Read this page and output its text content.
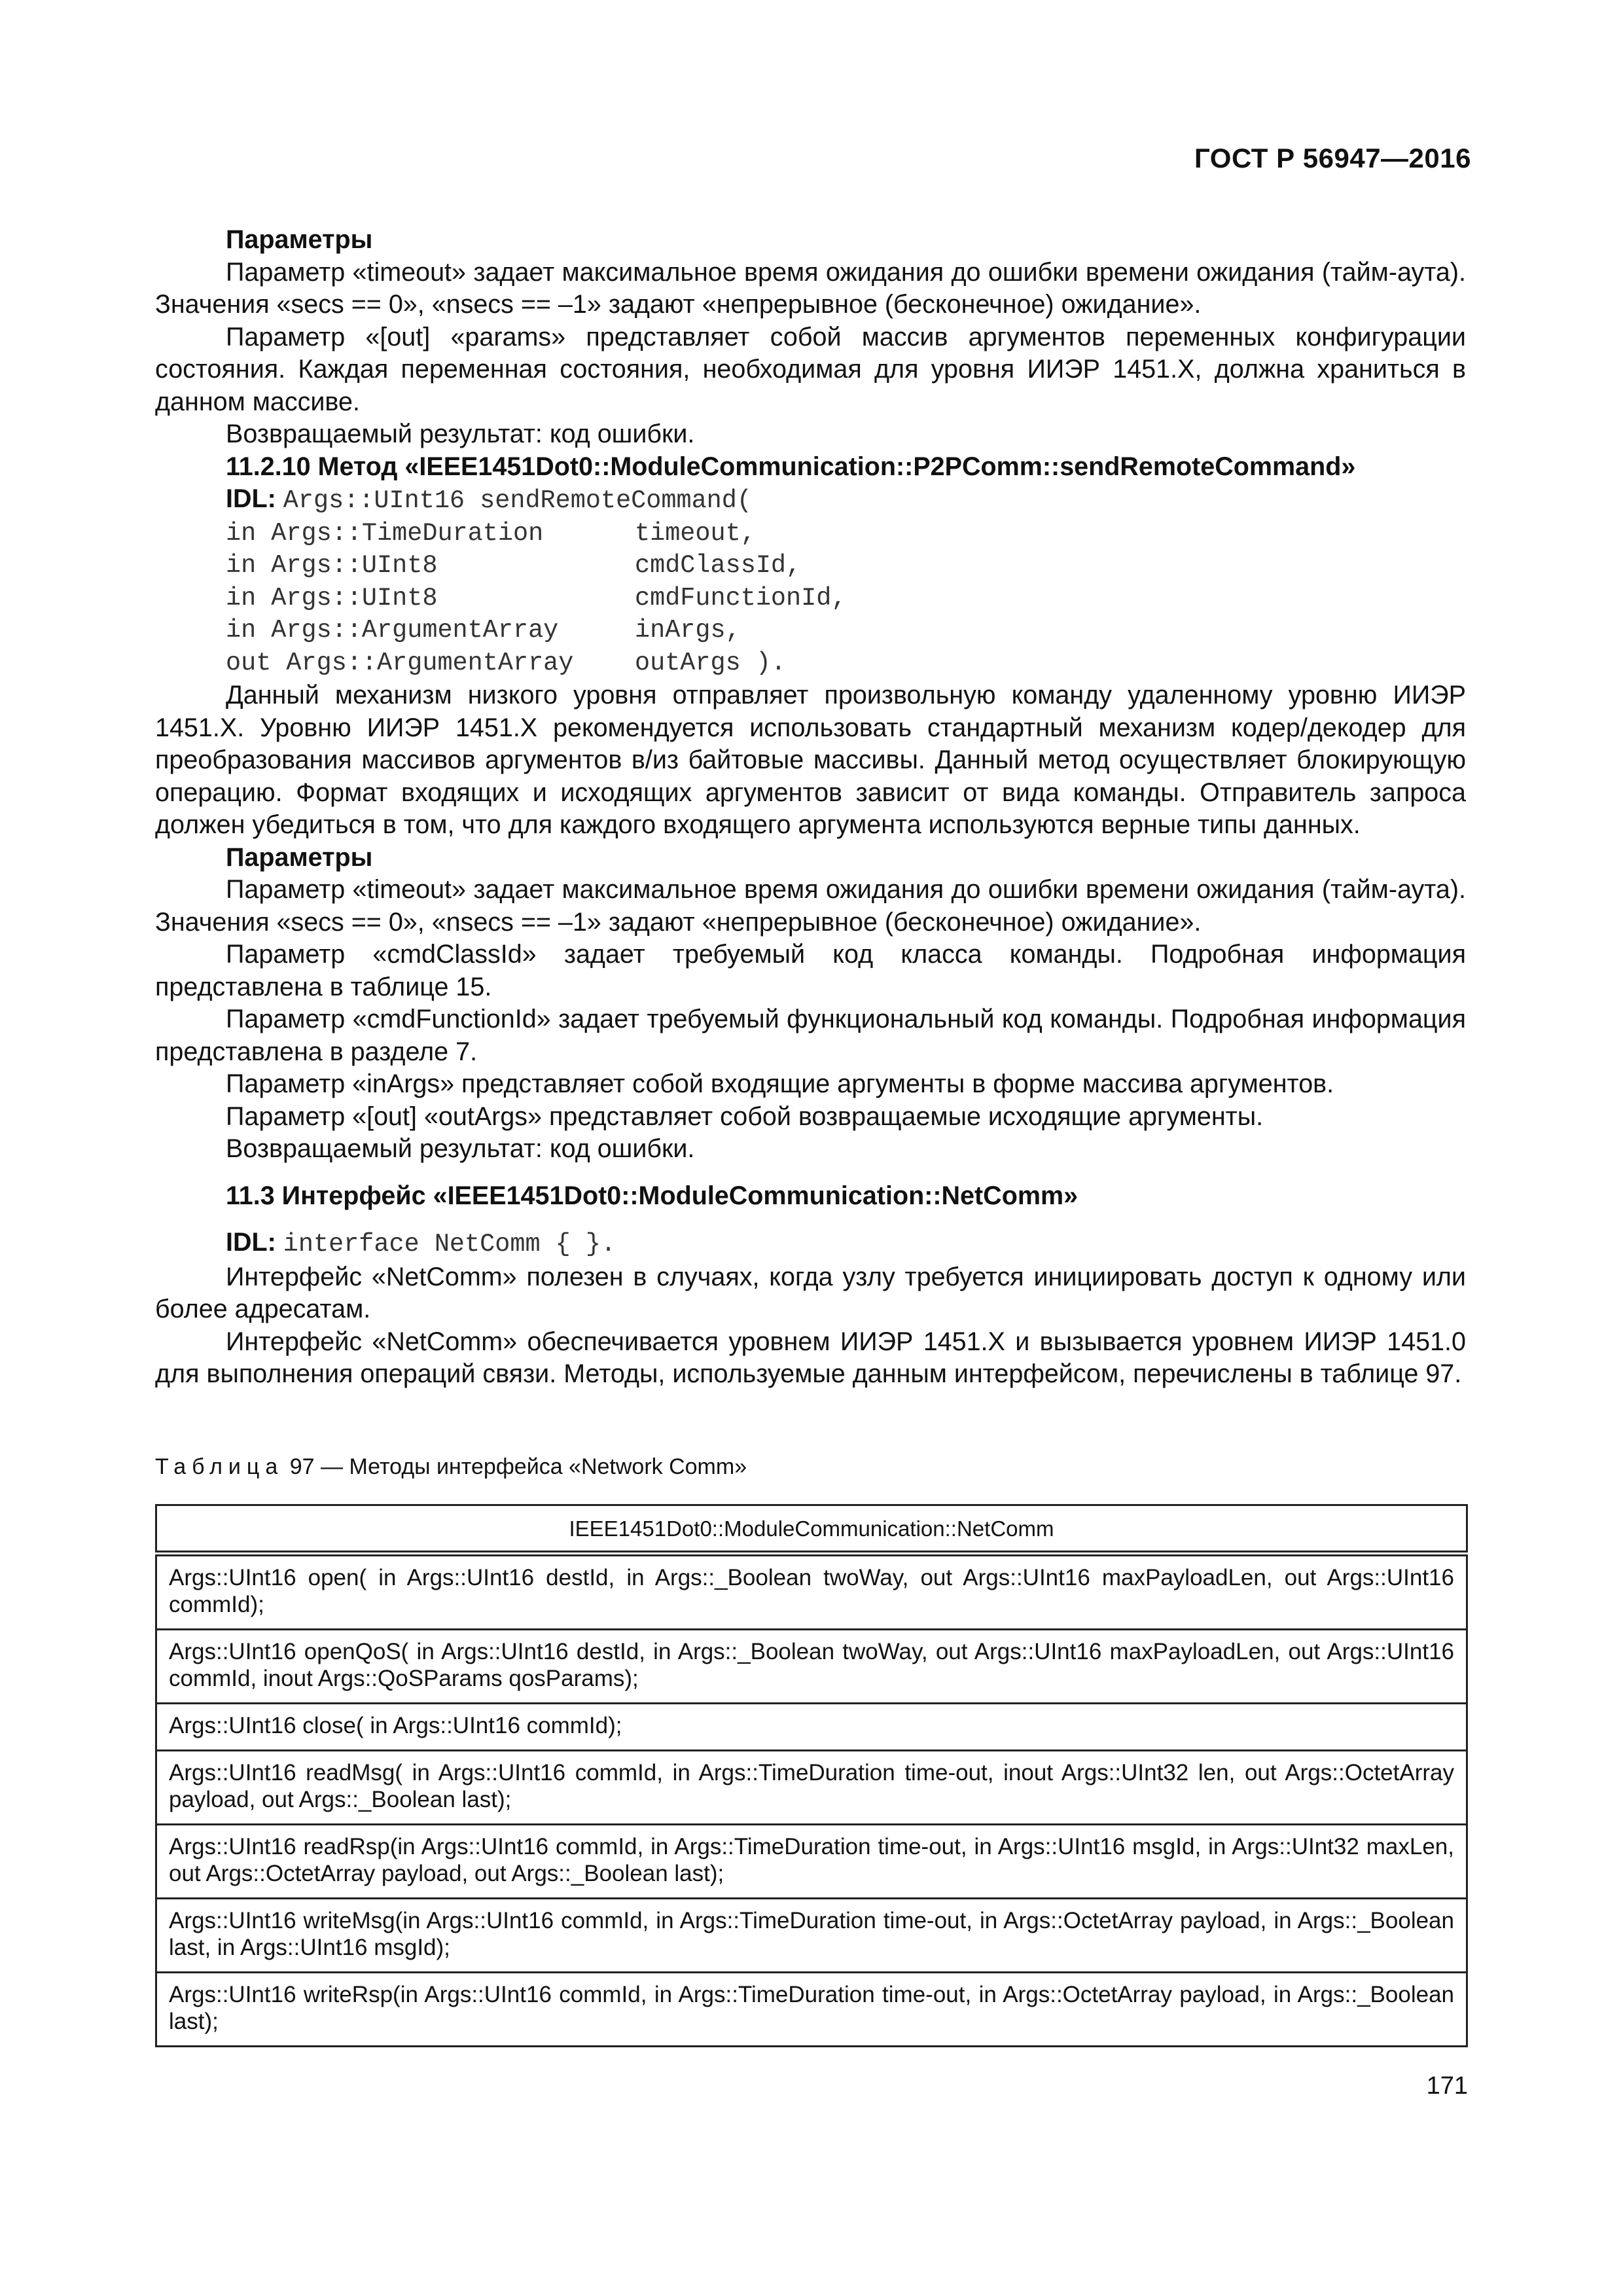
ГОСТ Р 56947—2016

Параметры

Параметр «timeout» задает максимальное время ожидания до ошибки времени ожидания (тайм-аута). Значения «secs == 0», «nsecs == –1» задают «непрерывное (бесконечное) ожидание».

Параметр «[out] «params» представляет собой массив аргументов переменных конфигурации состояния. Каждая переменная состояния, необходимая для уровня ИИЭР 1451.Х, должна храниться в данном массиве.

Возвращаемый результат: код ошибки.

11.2.10 Метод «IEEE1451Dot0::ModuleCommunication::P2PComm::sendRemoteCommand»

IDL: Args::UInt16 sendRemoteCommand(

in Args::TimeDuration	timeout,

in Args::UInt8	cmdClassId,

in Args::UInt8	cmdFunctionId,

in Args::ArgumentArray	inArgs,

out Args::ArgumentArray outArgs ).

Данный механизм низкого уровня отправляет произвольную команду удаленному уровню ИИЭР 1451.X. Уровню ИИЭР 1451.X рекомендуется использовать стандартный механизм кодер/декодер для преобразования массивов аргументов в/из байтовые массивы. Данный метод осуществляет блокирующую операцию. Формат входящих и исходящих аргументов зависит от вида команды. Отправитель запроса должен убедиться в том, что для каждого входящего аргумента используются верные типы данных.

Параметры

Параметр «timeout» задает максимальное время ожидания до ошибки времени ожидания (тайм-аута). Значения «secs == 0», «nsecs == –1» задают «непрерывное (бесконечное) ожидание».

Параметр «cmdClassId» задает требуемый код класса команды. Подробная информация представлена в таблице 15.

Параметр «cmdFunctionId» задает требуемый функциональный код команды. Подробная информация представлена в разделе 7.

Параметр «inArgs» представляет собой входящие аргументы в форме массива аргументов.

Параметр «[out] «outArgs» представляет собой возвращаемые исходящие аргументы.

Возвращаемый результат: код ошибки.

11.3 Интерфейс «IEEE1451Dot0::ModuleCommunication::NetComm»

IDL: interface NetComm { }.

Интерфейс «NetComm» полезен в случаях, когда узлу требуется инициировать доступ к одному или более адресатам.

Интерфейс «NetComm» обеспечивается уровнем ИИЭР 1451.X и вызывается уровнем ИИЭР 1451.0 для выполнения операций связи. Методы, используемые данным интерфейсом, перечислены в таблице 97.

Таблица 97 — Методы интерфейса «Network Comm»
IEEE1451Dot0::ModuleCommunication::NetComm
Args::UInt16 open( in Args::UInt16 destId, in Args::_Boolean twoWay, out Args::UInt16 maxPayloadLen, out Args::UInt16 commId);
Args::UInt16 openQoS( in Args::UInt16 destId, in Args::_Boolean twoWay, out Args::UInt16 maxPayloadLen, out Args::UInt16 commId, inout Args::QoSParams qosParams);
Args::UInt16 close( in Args::UInt16 commId);
Args::UInt16 readMsg( in Args::UInt16 commId, in Args::TimeDuration time-out, inout Args::UInt32 len, out Args::OctetArray payload, out Args::_Boolean last);
Args::UInt16 readRsp(in Args::UInt16 commId, in Args::TimeDuration time-out, in Args::UInt16 msgId, in Args::UInt32 maxLen, out Args::OctetArray payload, out Args::_Boolean last);
Args::UInt16 writeMsg(in Args::UInt16 commId, in Args::TimeDuration time-out, in Args::OctetArray payload, in Args::_Boolean last, in Args::UInt16 msgId);
Args::UInt16 writeRsp(in Args::UInt16 commId, in Args::TimeDuration time-out, in Args::OctetArray payload, in Args::_Boolean last);
171
